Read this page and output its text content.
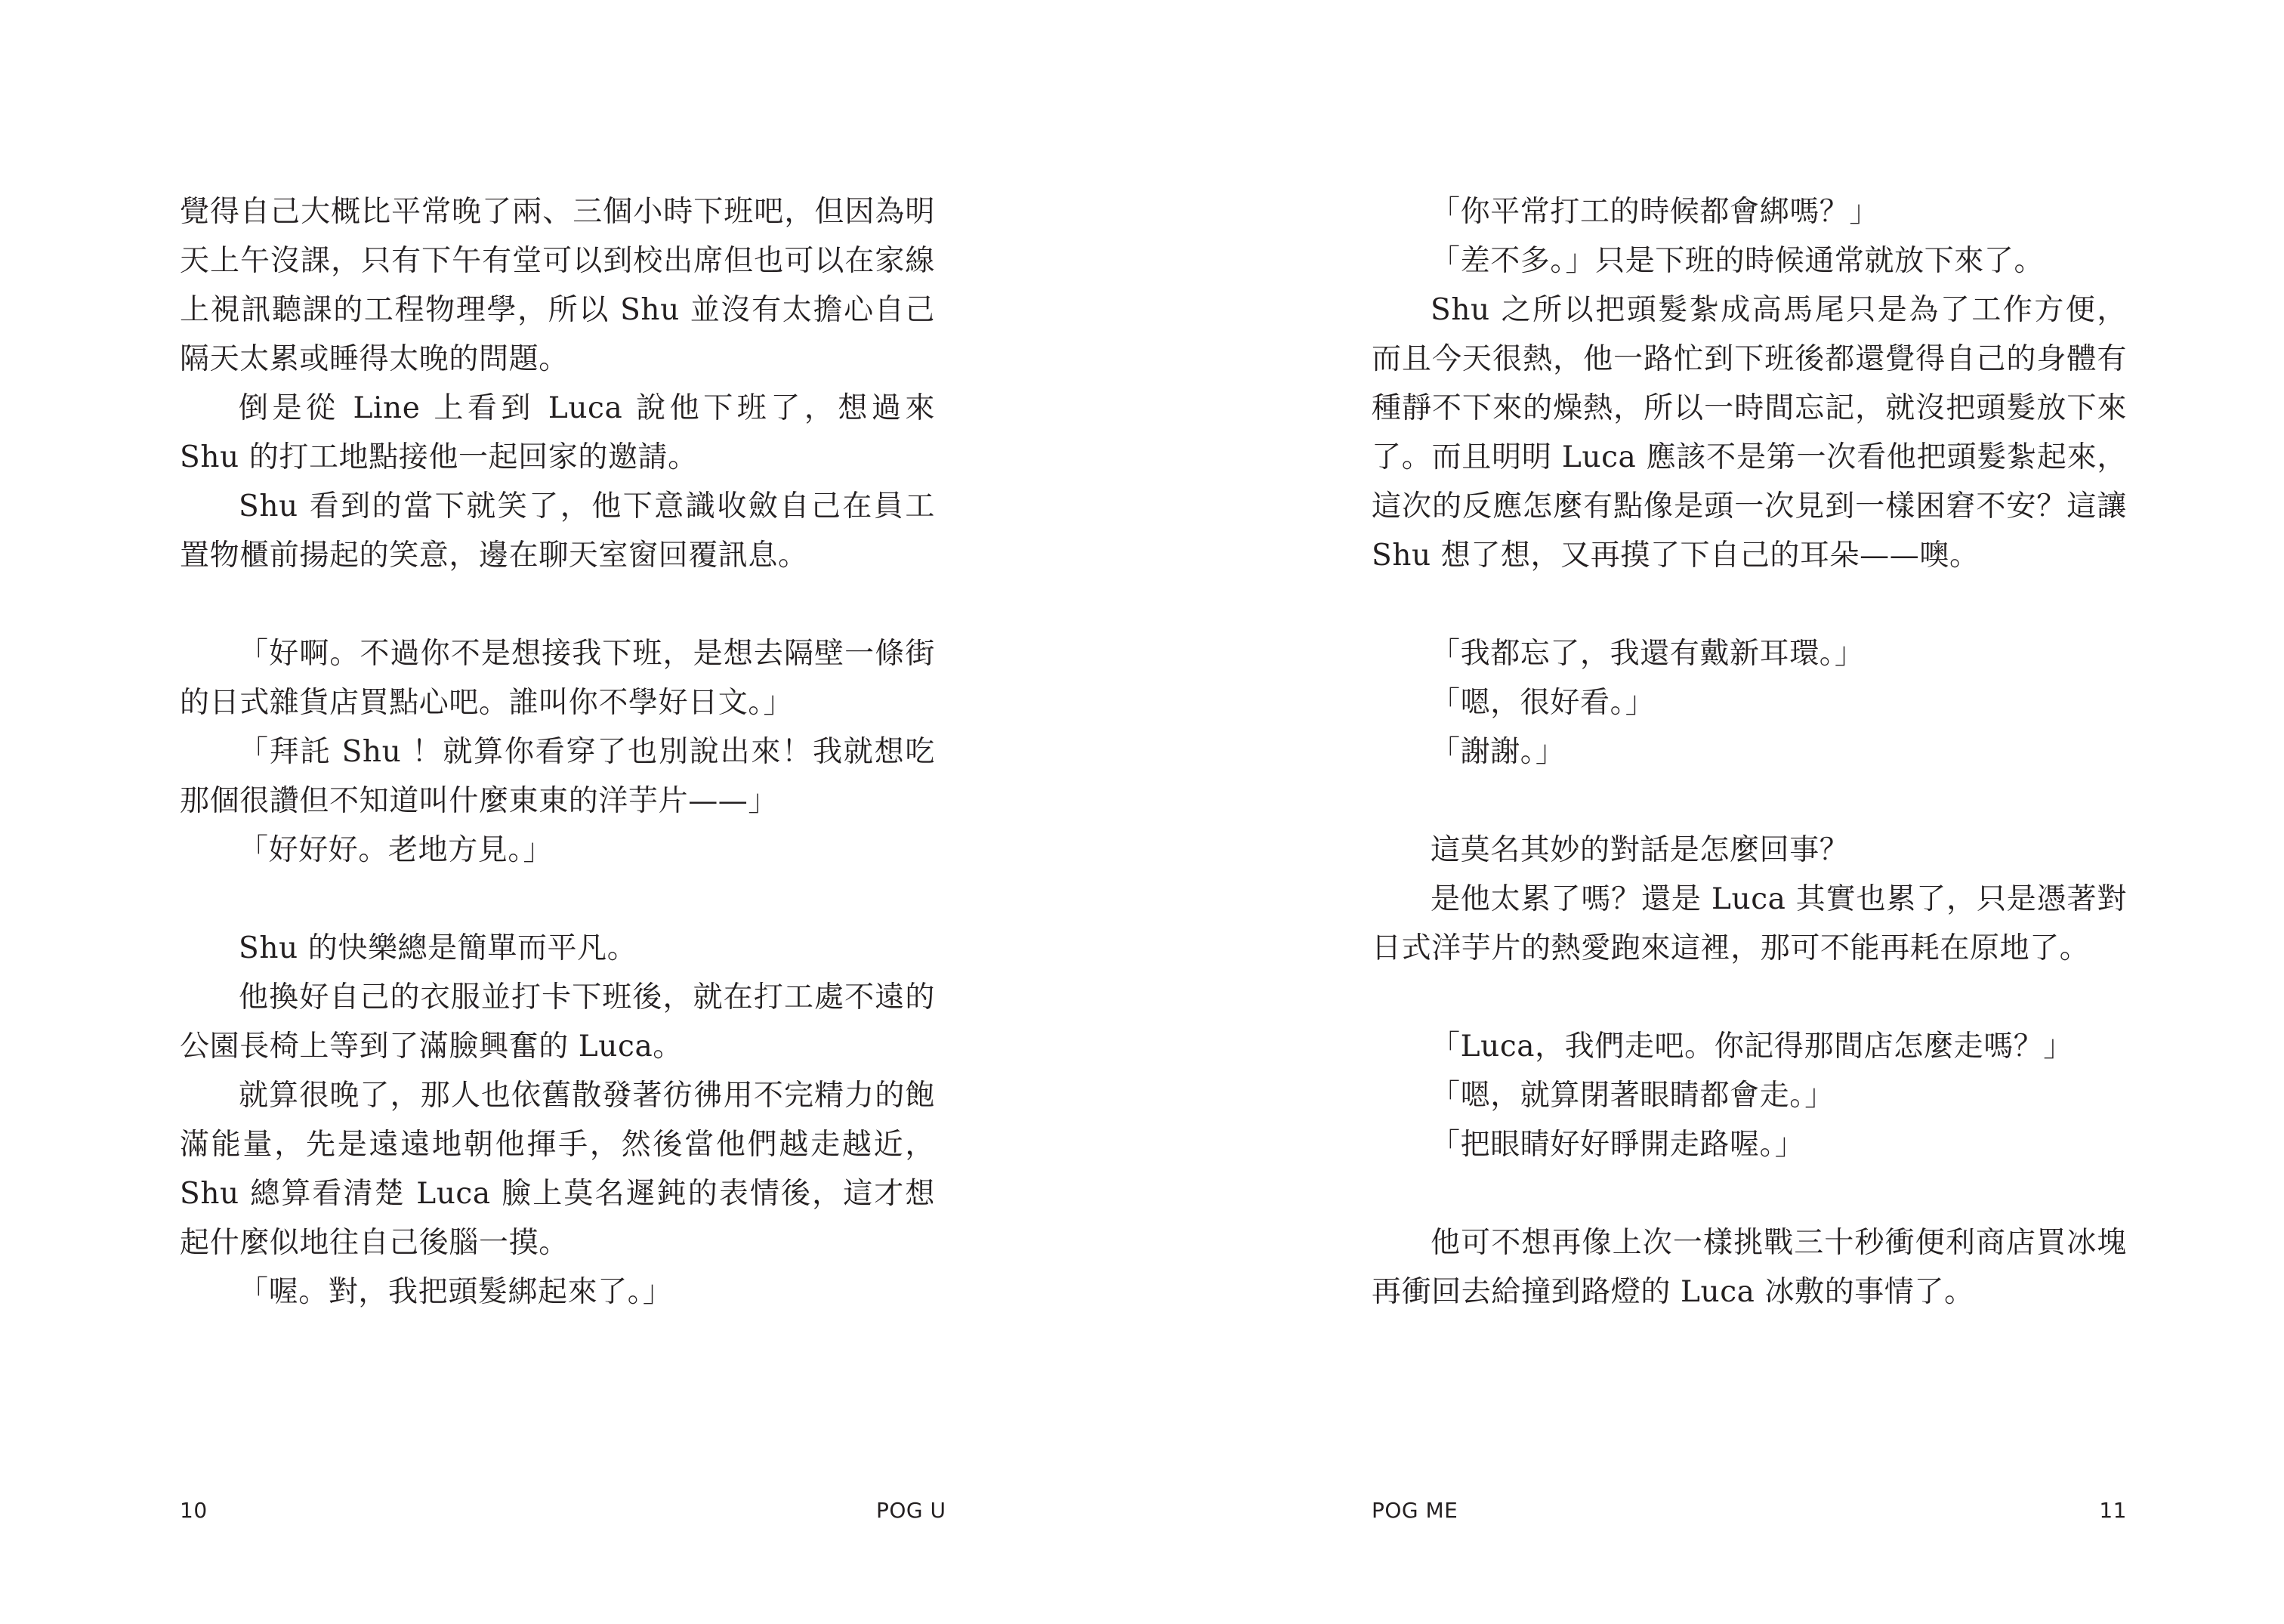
覺得自己大概比平常晚了兩、三個小時下班吧，但因為明天上午沒課，只有下午有堂可以到校出席但也可以在家線上視訊聽課的工程物理學，所以 Shu 並沒有太擔心自己隔天太累或睡得太晚的問題。

倒是從 Line 上看到 Luca 說他下班了，想過來 Shu 的打工地點接他一起回家的邀請。

Shu 看到的當下就笑了，他下意識收斂自己在員工置物櫃前揚起的笑意，邊在聊天室窗回覆訊息。

「好啊。不過你不是想接我下班，是想去隔壁一條街的日式雜貨店買點心吧。誰叫你不學好日文。」

「拜託 Shu ！就算你看穿了也別說出來！我就想吃那個很讚但不知道叫什麼東東的洋芋片——」

「好好好。老地方見。」

Shu 的快樂總是簡單而平凡。

他換好自己的衣服並打卡下班後，就在打工處不遠的公園長椅上等到了滿臉興奮的 Luca。

就算很晚了，那人也依舊散發著彷彿用不完精力的飽滿能量，先是遠遠地朝他揮手，然後當他們越走越近，Shu 總算看清楚 Luca 臉上莫名遲鈍的表情後，這才想起什麼似地往自己後腦一摸。

「喔。對，我把頭髮綁起來了。」

10	POG U

「你平常打工的時候都會綁嗎？」

「差不多。」只是下班的時候通常就放下來了。

Shu 之所以把頭髮紮成高馬尾只是為了工作方便，而且今天很熱，他一路忙到下班後都還覺得自己的身體有種靜不下來的燥熱，所以一時間忘記，就沒把頭髮放下來了。而且明明 Luca 應該不是第一次看他把頭髮紮起來，這次的反應怎麼有點像是頭一次見到一樣困窘不安？這讓 Shu 想了想，又再摸了下自己的耳朵——噢。

「我都忘了，我還有戴新耳環。」

「嗯，很好看。」

「謝謝。」

這莫名其妙的對話是怎麼回事？

是他太累了嗎？還是 Luca 其實也累了，只是憑著對日式洋芋片的熱愛跑來這裡，那可不能再耗在原地了。

「Luca，我們走吧。你記得那間店怎麼走嗎？」

「嗯，就算閉著眼睛都會走。」

「把眼睛好好睜開走路喔。」

他可不想再像上次一樣挑戰三十秒衝便利商店買冰塊再衝回去給撞到路燈的 Luca 冰敷的事情了。

POG ME	11
